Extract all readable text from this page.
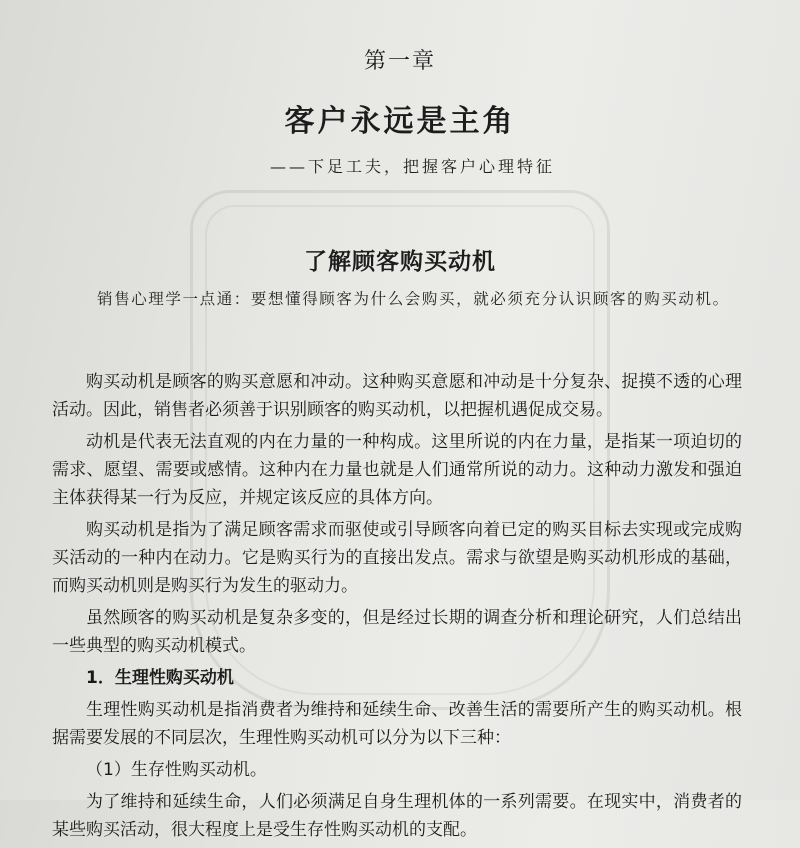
第一章
客户永远是主角
——下足工夫，把握客户心理特征
了解顾客购买动机
销售心理学一点通：要想懂得顾客为什么会购买，就必须充分认识顾客的购买动机。

购买动机是顾客的购买意愿和冲动。这种购买意愿和冲动是十分复杂、捉摸不透的心理活动。因此，销售者必须善于识别顾客的购买动机，以把握机遇促成交易。

动机是代表无法直观的内在力量的一种构成。这里所说的内在力量，是指某一项迫切的需求、愿望、需要或感情。这种内在力量也就是人们通常所说的动力。这种动力激发和强迫主体获得某一行为反应，并规定该反应的具体方向。

购买动机是指为了满足顾客需求而驱使或引导顾客向着已定的购买目标去实现或完成购买活动的一种内在动力。它是购买行为的直接出发点。需求与欲望是购买动机形成的基础，而购买动机则是购买行为发生的驱动力。

虽然顾客的购买动机是复杂多变的，但是经过长期的调查分析和理论研究，人们总结出一些典型的购买动机模式。

1．生理性购买动机

生理性购买动机是指消费者为维持和延续生命、改善生活的需要所产生的购买动机。根据需要发展的不同层次，生理性购买动机可以分为以下三种：

（1）生存性购买动机。

为了维持和延续生命，人们必须满足自身生理机体的一系列需要。在现实中，消费者的某些购买活动，很大程度上是受生存性购买动机的支配。
